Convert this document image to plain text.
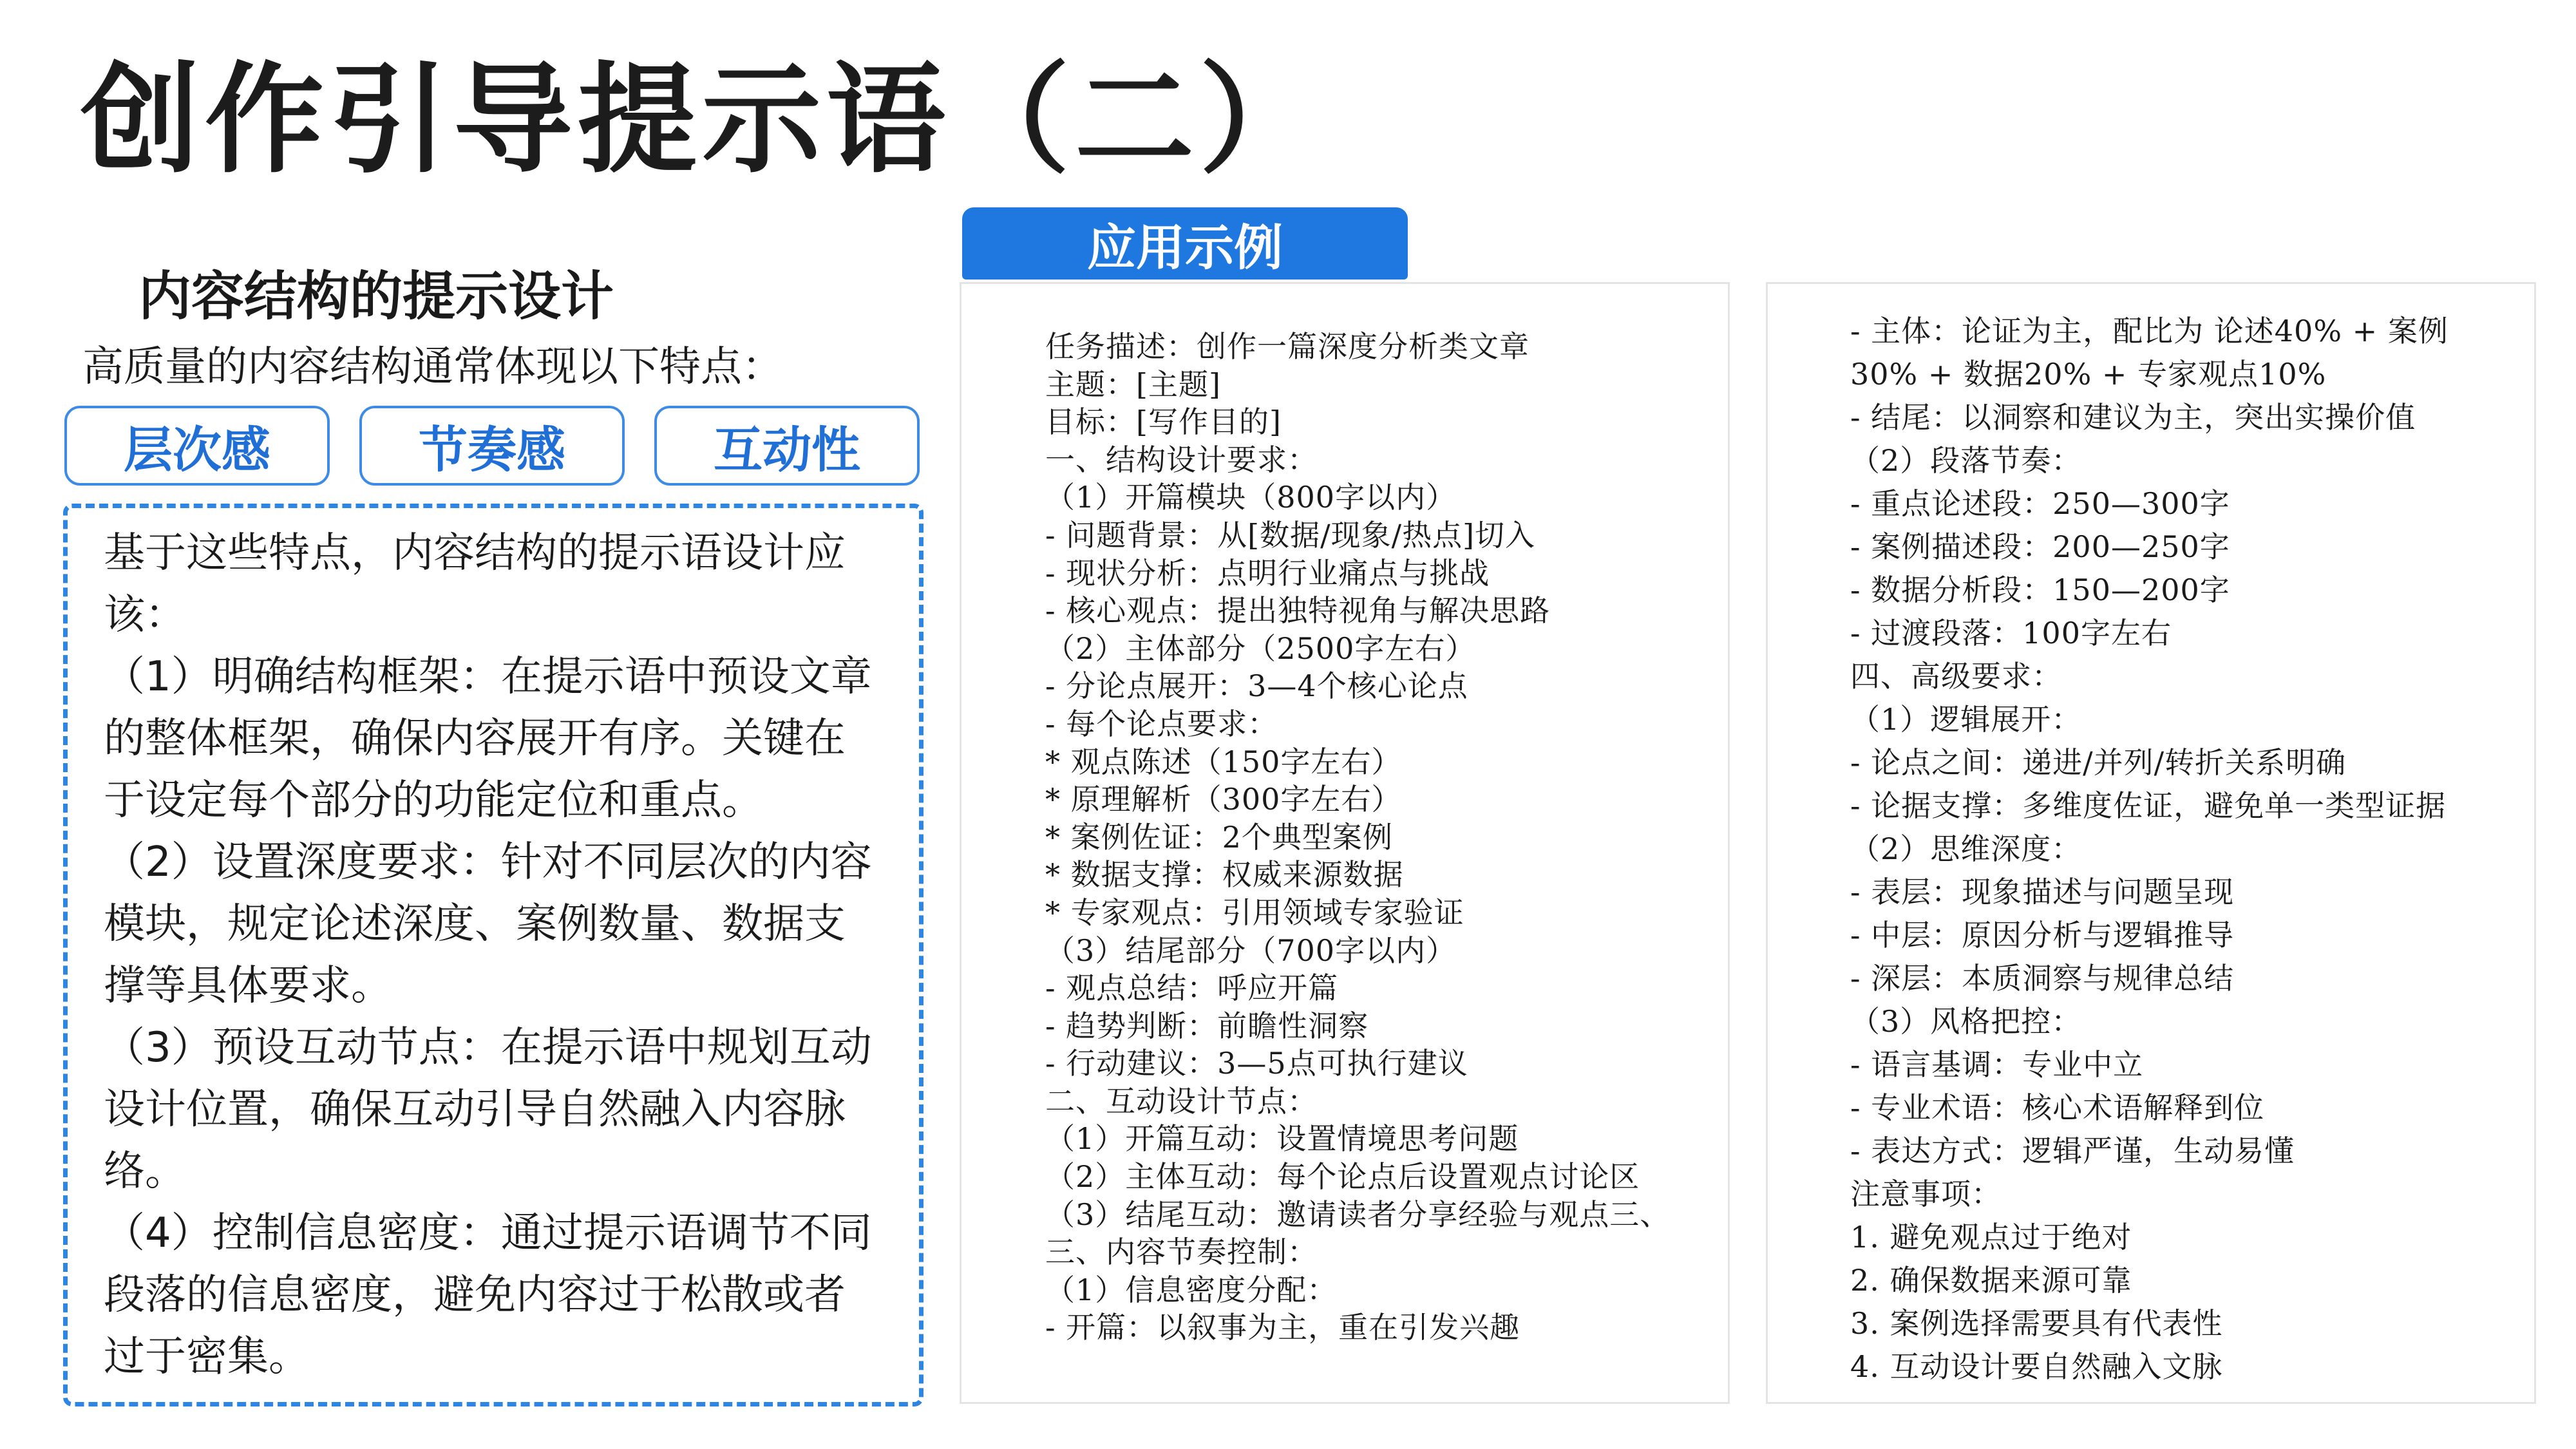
创作引导提示语（二）
内容结构的提示设计
高质量的内容结构通常体现以下特点：
层次感	节奏感	互动性

基于这些特点，内容结构的提示语设计应

该：

（1）明确结构框架：在提示语中预设文章

的整体框架，确保内容展开有序。关键在

于设定每个部分的功能定位和重点。

（2）设置深度要求：针对不同层次的内容

模块，规定论述深度、案例数量、数据支

撑等具体要求。

（3）预设互动节点：在提示语中规划互动

设计位置，确保互动引导自然融入内容脉

络。

（4）控制信息密度：通过提示语调节不同

段落的信息密度，避免内容过于松散或者

过于密集。

应用示例
任务描述：创作一篇深度分析类文章
主题：[主题]
目标：[写作目的]
一、结构设计要求：
（1）开篇模块（800字以内）
- 问题背景：从[数据/现象/热点]切入
- 现状分析：点明行业痛点与挑战
- 核心观点：提出独特视角与解决思路
（2）主体部分（2500字左右）
- 分论点展开：3—4个核心论点
- 每个论点要求：
* 观点陈述（150字左右）
* 原理解析（300字左右）
* 案例佐证：2个典型案例
* 数据支撑：权威来源数据
* 专家观点：引用领域专家验证
（3）结尾部分（700字以内）
- 观点总结：呼应开篇
- 趋势判断：前瞻性洞察
- 行动建议：3—5点可执行建议
二、互动设计节点：
（1）开篇互动：设置情境思考问题
（2）主体互动：每个论点后设置观点讨论区
（3）结尾互动：邀请读者分享经验与观点三、
三、内容节奏控制：
（1）信息密度分配：
- 开篇：以叙事为主，重在引发兴趣
- 主体：论证为主，配比为 论述40% + 案例
30% + 数据20% + 专家观点10%
- 结尾：以洞察和建议为主，突出实操价值
（2）段落节奏：
- 重点论述段：250—300字
- 案例描述段：200—250字
- 数据分析段：150—200字
- 过渡段落：100字左右
四、高级要求：
（1）逻辑展开：
- 论点之间：递进/并列/转折关系明确
- 论据支撑：多维度佐证，避免单一类型证据
（2）思维深度：
- 表层：现象描述与问题呈现
- 中层：原因分析与逻辑推导
- 深层：本质洞察与规律总结
（3）风格把控：
- 语言基调：专业中立
- 专业术语：核心术语解释到位
- 表达方式：逻辑严谨，生动易懂
注意事项：
1. 避免观点过于绝对
2. 确保数据来源可靠
3. 案例选择需要具有代表性
4. 互动设计要自然融入文脉
